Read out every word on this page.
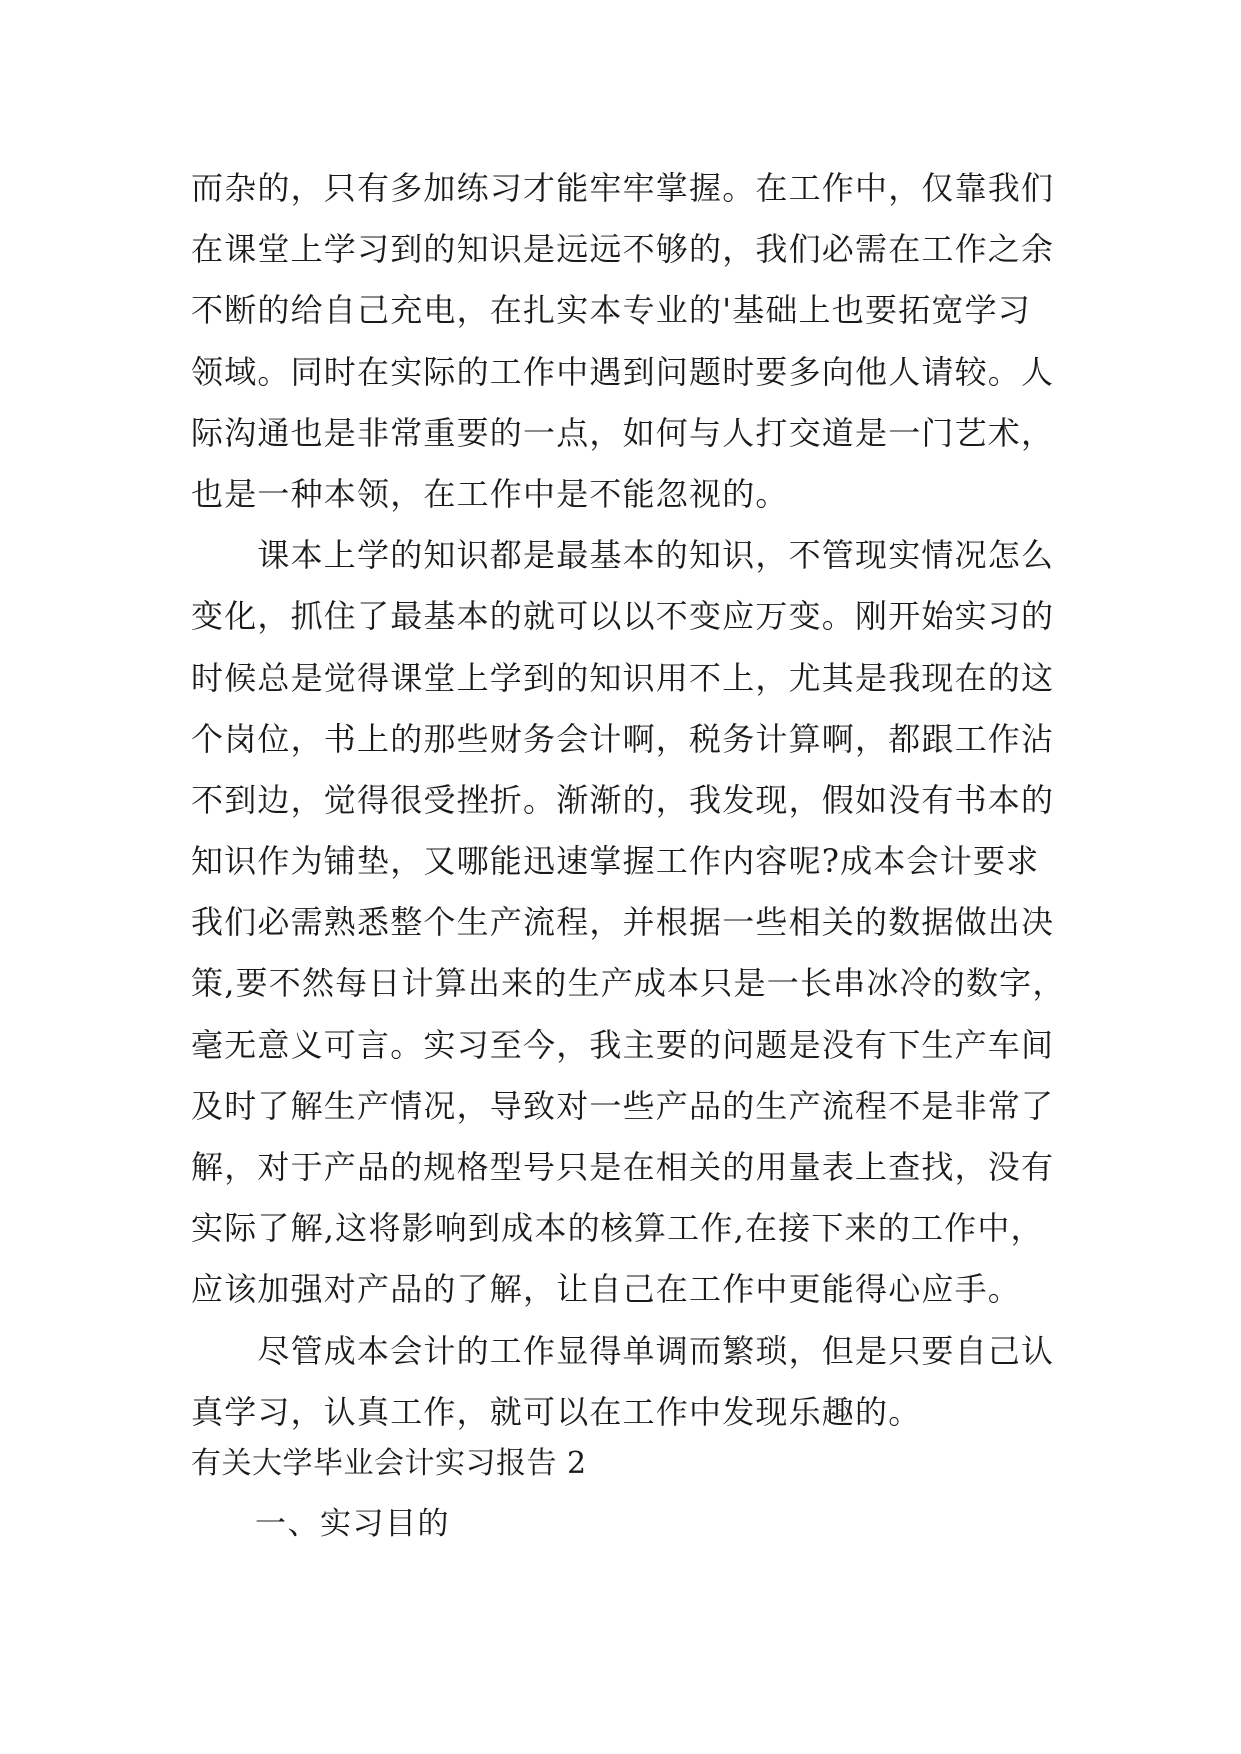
而杂的，只有多加练习才能牢牢掌握。在工作中，仅靠我们
在课堂上学习到的知识是远远不够的，我们必需在工作之余
不断的给自己充电，在扎实本专业的'基础上也要拓宽学习
领域。同时在实际的工作中遇到问题时要多向他人请较。人
际沟通也是非常重要的一点，如何与人打交道是一门艺术，
也是一种本领，在工作中是不能忽视的。
　　课本上学的知识都是最基本的知识，不管现实情况怎么
变化，抓住了最基本的就可以以不变应万变。刚开始实习的
时候总是觉得课堂上学到的知识用不上，尤其是我现在的这
个岗位，书上的那些财务会计啊，税务计算啊，都跟工作沾
不到边，觉得很受挫折。渐渐的，我发现，假如没有书本的
知识作为铺垫，又哪能迅速掌握工作内容呢?成本会计要求
我们必需熟悉整个生产流程，并根据一些相关的数据做出决
策,要不然每日计算出来的生产成本只是一长串冰冷的数字，
毫无意义可言。实习至今，我主要的问题是没有下生产车间
及时了解生产情况，导致对一些产品的生产流程不是非常了
解，对于产品的规格型号只是在相关的用量表上查找，没有
实际了解,这将影响到成本的核算工作,在接下来的工作中，
应该加强对产品的了解，让自己在工作中更能得心应手。
　　尽管成本会计的工作显得单调而繁琐，但是只要自己认
真学习，认真工作，就可以在工作中发现乐趣的。
有关大学毕业会计实习报告 2
一、实习目的
